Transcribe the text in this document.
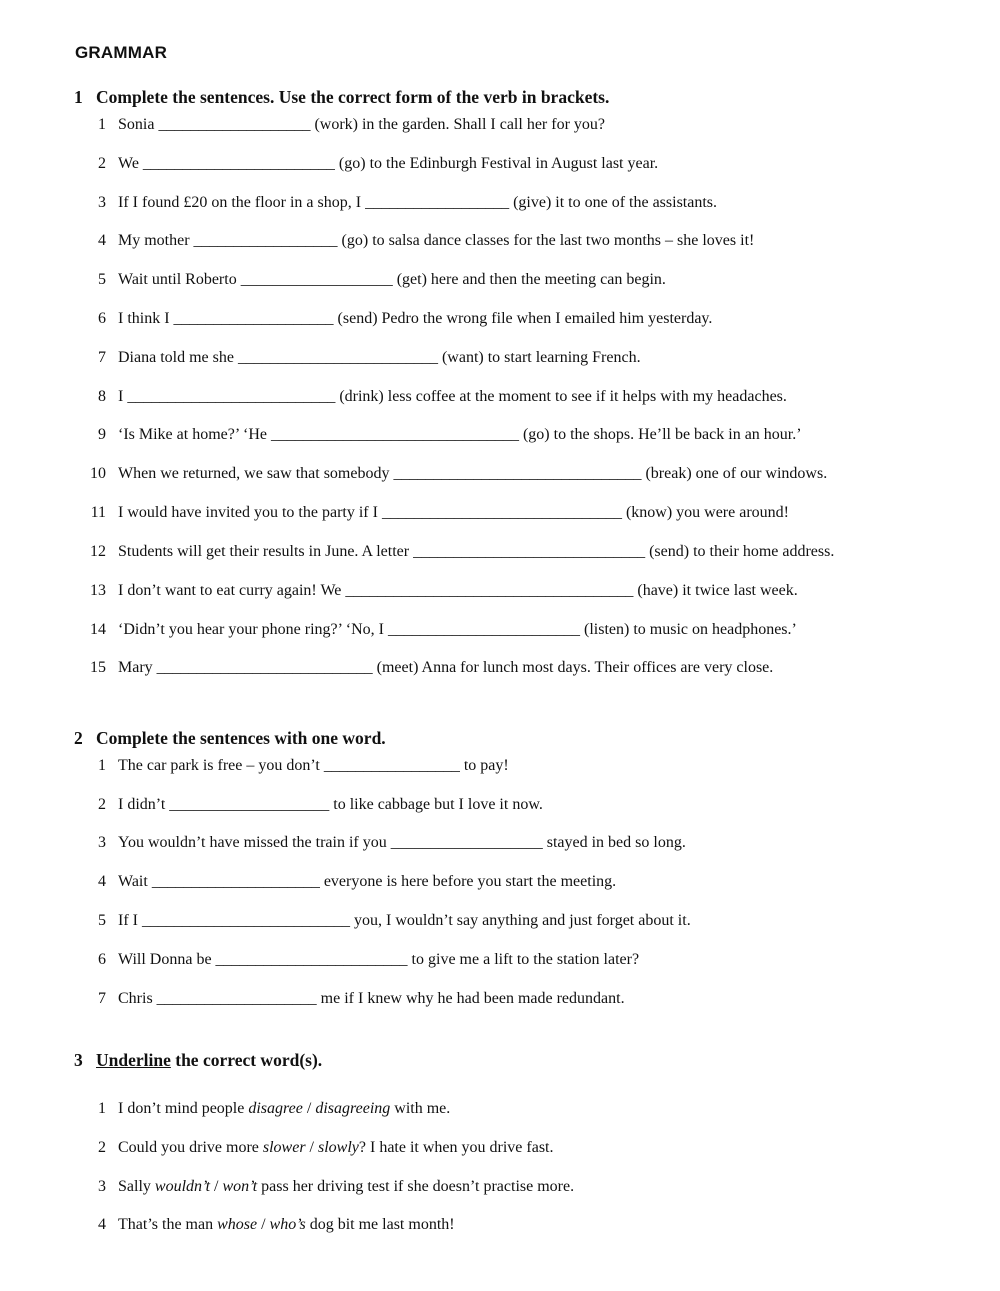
GRAMMAR
1 Complete the sentences. Use the correct form of the verb in brackets.
1 Sonia ___________________ (work) in the garden. Shall I call her for you?
2 We ________________________ (go) to the Edinburgh Festival in August last year.
3 If I found £20 on the floor in a shop, I __________________ (give) it to one of the assistants.
4 My mother __________________ (go) to salsa dance classes for the last two months – she loves it!
5 Wait until Roberto ___________________ (get) here and then the meeting can begin.
6 I think I ____________________ (send) Pedro the wrong file when I emailed him yesterday.
7 Diana told me she _________________________ (want) to start learning French.
8 I __________________________ (drink) less coffee at the moment to see if it helps with my headaches.
9 ‘Is Mike at home?’ ‘He _______________________________ (go) to the shops. He’ll be back in an hour.’
10 When we returned, we saw that somebody _______________________________ (break) one of our windows.
11 I would have invited you to the party if I ______________________________ (know) you were around!
12 Students will get their results in June. A letter _____________________________ (send) to their home address.
13 I don’t want to eat curry again! We ____________________________________ (have) it twice last week.
14 ‘Didn’t you hear your phone ring?’ ‘No, I ________________________ (listen) to music on headphones.’
15 Mary ___________________________ (meet) Anna for lunch most days. Their offices are very close.
2 Complete the sentences with one word.
1 The car park is free – you don’t _________________ to pay!
2 I didn’t ____________________ to like cabbage but I love it now.
3 You wouldn’t have missed the train if you ___________________ stayed in bed so long.
4 Wait _____________________ everyone is here before you start the meeting.
5 If I __________________________ you, I wouldn’t say anything and just forget about it.
6 Will Donna be ________________________ to give me a lift to the station later?
7 Chris ____________________ me if I knew why he had been made redundant.
3 Underline the correct word(s).
1 I don’t mind people disagree / disagreeing with me.
2 Could you drive more slower / slowly? I hate it when you drive fast.
3 Sally wouldn’t / won’t pass her driving test if she doesn’t practise more.
4 That’s the man whose / who’s dog bit me last month!
